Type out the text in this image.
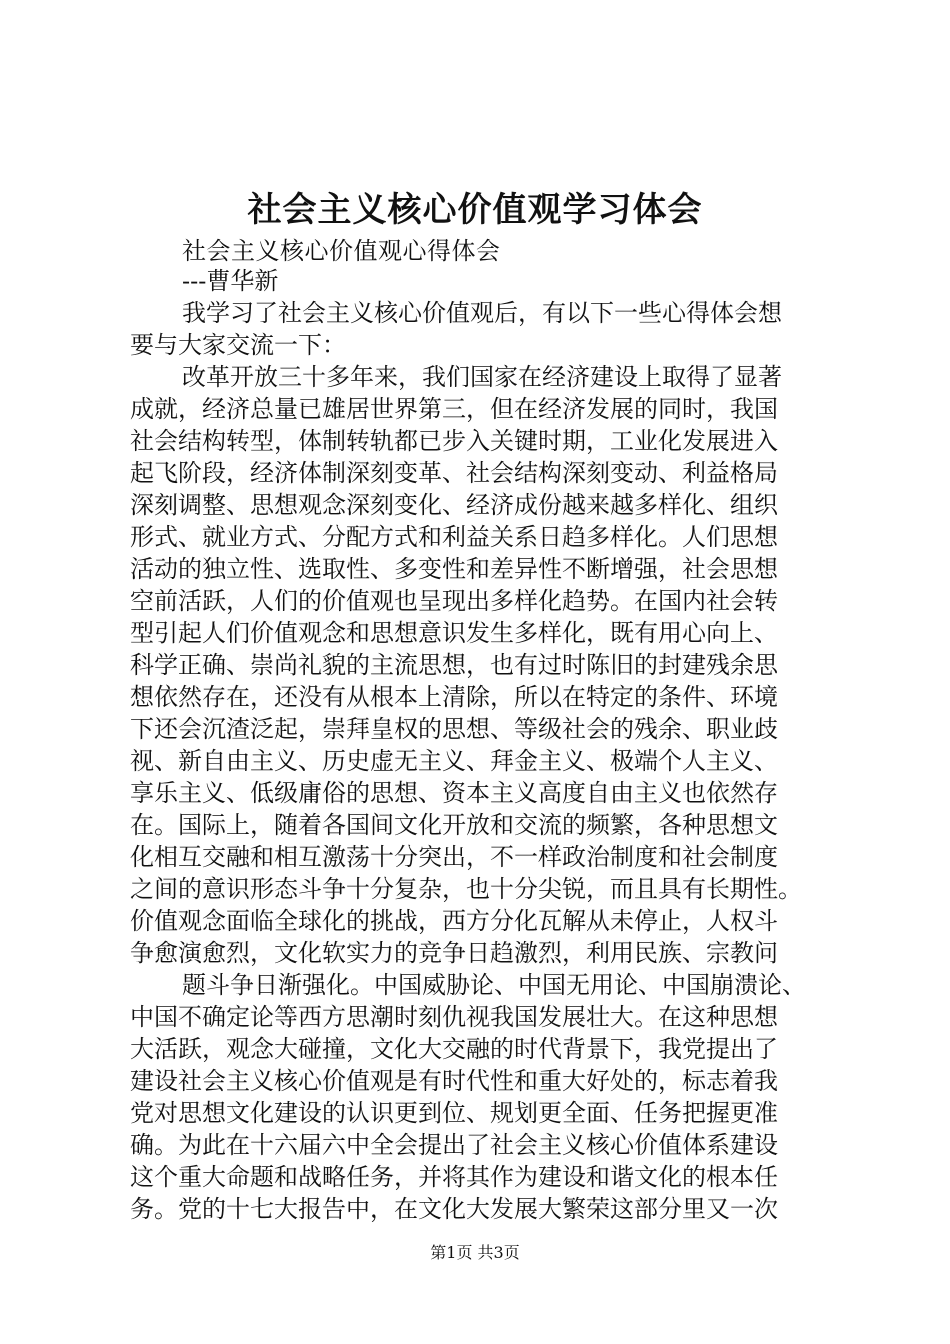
社会主义核心价值观学习体会

社会主义核心价值观心得体会

---曹华新

我学习了社会主义核心价值观后，有以下一些心得体会想

要与大家交流一下：

改革开放三十多年来，我们国家在经济建设上取得了显著

成就，经济总量已雄居世界第三，但在经济发展的同时，我国

社会结构转型，体制转轨都已步入关键时期，工业化发展进入

起飞阶段，经济体制深刻变革、社会结构深刻变动、利益格局

深刻调整、思想观念深刻变化、经济成份越来越多样化、组织

形式、就业方式、分配方式和利益关系日趋多样化。人们思想

活动的独立性、选取性、多变性和差异性不断增强，社会思想

空前活跃，人们的价值观也呈现出多样化趋势。在国内社会转

型引起人们价值观念和思想意识发生多样化，既有用心向上、

科学正确、崇尚礼貌的主流思想，也有过时陈旧的封建残余思

想依然存在，还没有从根本上清除，所以在特定的条件、环境

下还会沉渣泛起，崇拜皇权的思想、等级社会的残余、职业歧

视、新自由主义、历史虚无主义、拜金主义、极端个人主义、

享乐主义、低级庸俗的思想、资本主义高度自由主义也依然存

在。国际上，随着各国间文化开放和交流的频繁，各种思想文

化相互交融和相互激荡十分突出，不一样政治制度和社会制度

之间的意识形态斗争十分复杂，也十分尖锐，而且具有长期性。

价值观念面临全球化的挑战，西方分化瓦解从未停止，人权斗

争愈演愈烈，文化软实力的竞争日趋激烈，利用民族、宗教问

题斗争日渐强化。中国威胁论、中国无用论、中国崩溃论、

中国不确定论等西方思潮时刻仇视我国发展壮大。在这种思想

大活跃，观念大碰撞，文化大交融的时代背景下，我党提出了

建设社会主义核心价值观是有时代性和重大好处的，标志着我

党对思想文化建设的认识更到位、规划更全面、任务把握更准

确。为此在十六届六中全会提出了社会主义核心价值体系建设

这个重大命题和战略任务，并将其作为建设和谐文化的根本任

务。党的十七大报告中，在文化大发展大繁荣这部分里又一次

第1页 共3页
